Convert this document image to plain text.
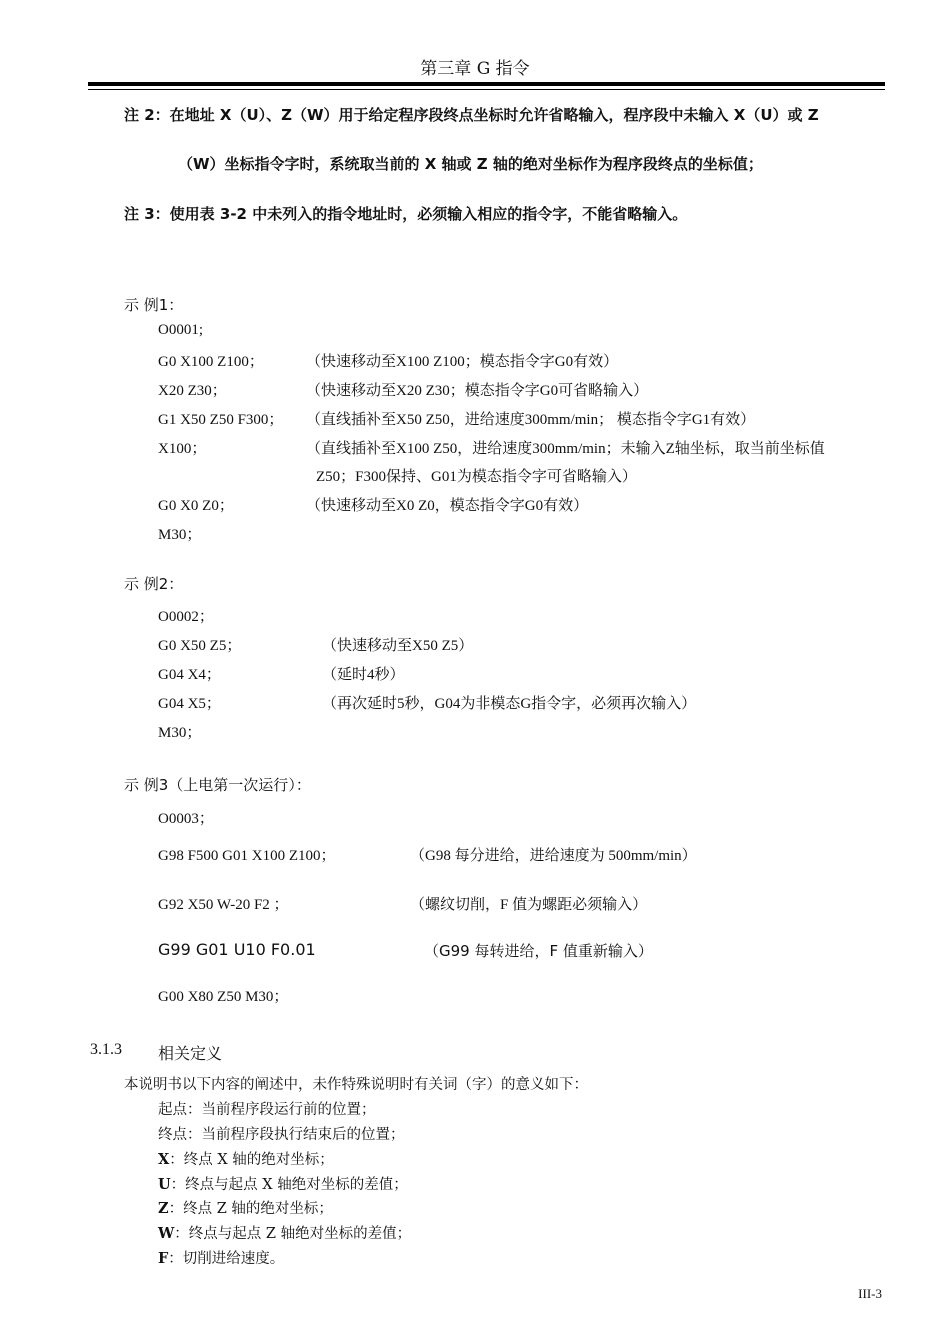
第三章 G 指令
注 2：在地址 X（U）、Z（W）用于给定程序段终点坐标时允许省略输入，程序段中未输入 X（U）或 Z
（W）坐标指令字时，系统取当前的 X 轴或 Z 轴的绝对坐标作为程序段终点的坐标值；
注 3：使用表 3-2 中未列入的指令地址时，必须输入相应的指令字，不能省略输入。
示 例1：
O0001;
G0 X100 Z100；	（快速移动至X100 Z100；模态指令字G0有效）
X20 Z30；	（快速移动至X20 Z30；模态指令字G0可省略输入）
G1 X50 Z50 F300； （直线插补至X50 Z50，进给速度300mm/min； 模态指令字G1有效）
X100；	（直线插补至X100 Z50，进给速度300mm/min；未输入Z轴坐标，取当前坐标值
Z50；F300保持、G01为模态指令字可省略输入）
G0 X0 Z0；	（快速移动至X0 Z0，模态指令字G0有效）
M30；
示 例2：
O0002；
G0 X50 Z5；	（快速移动至X50 Z5）
G04 X4；	（延时4秒）
G04 X5；	（再次延时5秒，G04为非模态G指令字，必须再次输入）
M30；
示 例3（上电第一次运行）：
O0003；
G98 F500 G01 X100 Z100；	（G98 每分进给，进给速度为 500mm/min）
G92 X50 W-20 F2 ；	（螺纹切削，F 值为螺距必须输入）
G99 G01 U10 F0.01	（G99 每转进给，F 值重新输入）
G00 X80 Z50 M30；
3.1.3 相关定义
本说明书以下内容的阐述中，未作特殊说明时有关词（字）的意义如下：
起点：当前程序段运行前的位置；
终点：当前程序段执行结束后的位置；
X：终点 X 轴的绝对坐标；
U：终点与起点 X 轴绝对坐标的差值；
Z：终点 Z 轴的绝对坐标；
W：终点与起点 Z 轴绝对坐标的差值；
F：切削进给速度。
III-3
